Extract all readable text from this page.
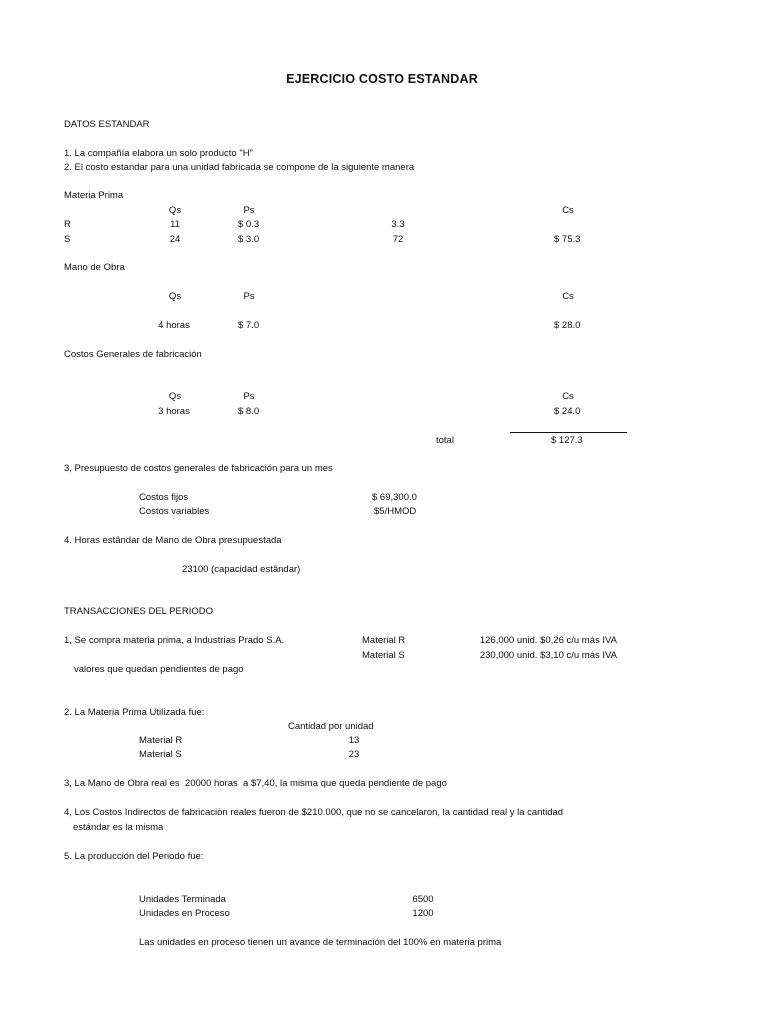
EJERCICIO COSTO ESTANDAR
DATOS ESTANDAR
1. La compañía elabora un solo producto "H"
2. El costo estandar para una unidad fabricada se compone de la siguiente manera
Materia Prima
Qs	Ps	Cs
R	11	$ 0.3	3.3
S	24	$ 3.0	72	$ 75.3
Mano de Obra
Qs	Ps	Cs
4 horas	$ 7.0	$ 28.0
Costos Generales de fabricación
Qs	Ps	Cs
3 horas	$ 8.0	$ 24.0
total	$ 127.3
3, Presupuesto de costos generales de fabricación para un mes
Costos fijos	$ 69,300.0
Costos variables	$5/HMOD
4. Horas estândar de Mano de Obra presupuestada
23100 (capacidad estândar)
TRANSACCIONES DEL PERIODO
1, Se compra materia prima, a Industrias Prado S.A.	Material R	126,000 unid. $0,26 c/u más IVA
Material S	230,000 unid. $3,10 c/u más IVA
valores que quedan pendientes de pago
2. La Materia Prima Utilizada fue:
Cantidad por unidad
Material R	13
Material S	23
3, La Mano de Obra real es  20000 horas  a $7,40, la misma que queda pendiente de pago
4, Los Costos Indirectos de fabricaciòn reales fueron de $210.000, que no se cancelaron, la cantidad real y la cantidad
estándar es la misma
5. La producción del Periodo fue:
Unidades Terminada	6500
Unidades en Proceso	1200
Las unidades en proceso tienen un avance de terminación del 100% en materia prima
